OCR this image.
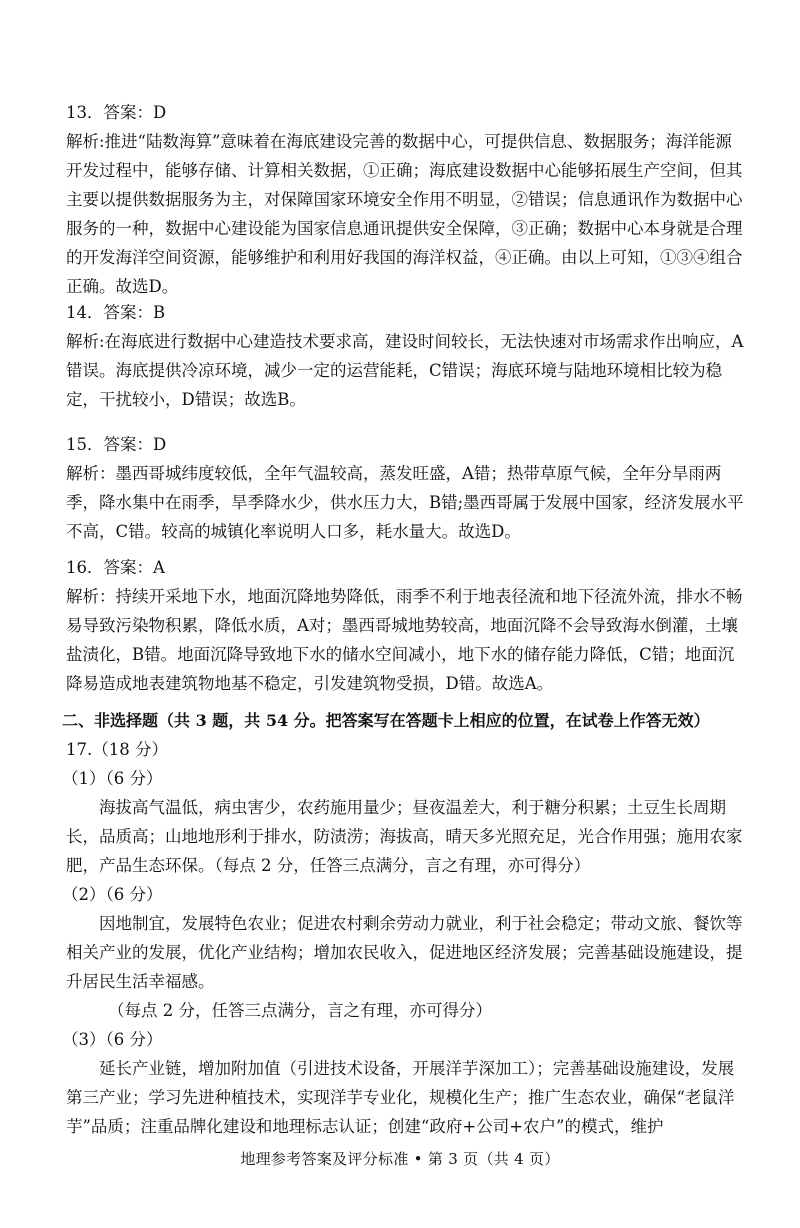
13．答案：D
解析:推进“陆数海算”意味着在海底建设完善的数据中心，可提供信息、数据服务；海洋能源开发过程中，能够存储、计算相关数据，①正确；海底建设数据中心能够拓展生产空间，但其主要以提供数据服务为主，对保障国家环境安全作用不明显，②错误；信息通讯作为数据中心服务的一种，数据中心建设能为国家信息通讯提供安全保障，③正确；数据中心本身就是合理的开发海洋空间资源，能够维护和利用好我国的海洋权益，④正确。由以上可知，①③④组合正确。故选D。
14．答案：B
解析:在海底进行数据中心建造技术要求高，建设时间较长，无法快速对市场需求作出响应，A错误。海底提供冷凉环境，减少一定的运营能耗，C错误；海底环境与陆地环境相比较为稳定，干扰较小，D错误；故选B。
15．答案：D
解析：墨西哥城纬度较低，全年气温较高，蒸发旺盛，A错；热带草原气候，全年分旱雨两季，降水集中在雨季，旱季降水少，供水压力大，B错;墨西哥属于发展中国家，经济发展水平不高，C错。较高的城镇化率说明人口多，耗水量大。故选D。
16．答案：A
解析：持续开采地下水，地面沉降地势降低，雨季不利于地表径流和地下径流外流，排水不畅易导致污染物积累，降低水质，A对；墨西哥城地势较高，地面沉降不会导致海水倒灌，土壤盐渍化，B错。地面沉降导致地下水的储水空间减小，地下水的储存能力降低，C错；地面沉降易造成地表建筑物地基不稳定，引发建筑物受损，D错。故选A。
二、非选择题（共 3 题，共 54 分。把答案写在答题卡上相应的位置，在试卷上作答无效）
17.（18 分）
（1）（6 分）
海拔高气温低，病虫害少，农药施用量少；昼夜温差大，利于糖分积累；土豆生长周期长，品质高；山地地形利于排水，防渍涝；海拔高，晴天多光照充足，光合作用强；施用农家肥，产品生态环保。（每点 2 分，任答三点满分，言之有理，亦可得分）
（2）（6 分）
因地制宜，发展特色农业；促进农村剩余劳动力就业，利于社会稳定；带动文旅、餐饮等相关产业的发展，优化产业结构；增加农民收入，促进地区经济发展；完善基础设施建设，提升居民生活幸福感。
（每点 2 分，任答三点满分，言之有理，亦可得分）
（3）（6 分）
延长产业链，增加附加值（引进技术设备，开展洋芋深加工）；完善基础设施建设，发展第三产业；学习先进种植技术，实现洋芋专业化，规模化生产；推广生态农业，确保“老鼠洋芋”品质；注重品牌化建设和地理标志认证；创建“政府+公司+农户”的模式，维护
地理参考答案及评分标准 • 第 3 页（共 4 页）
